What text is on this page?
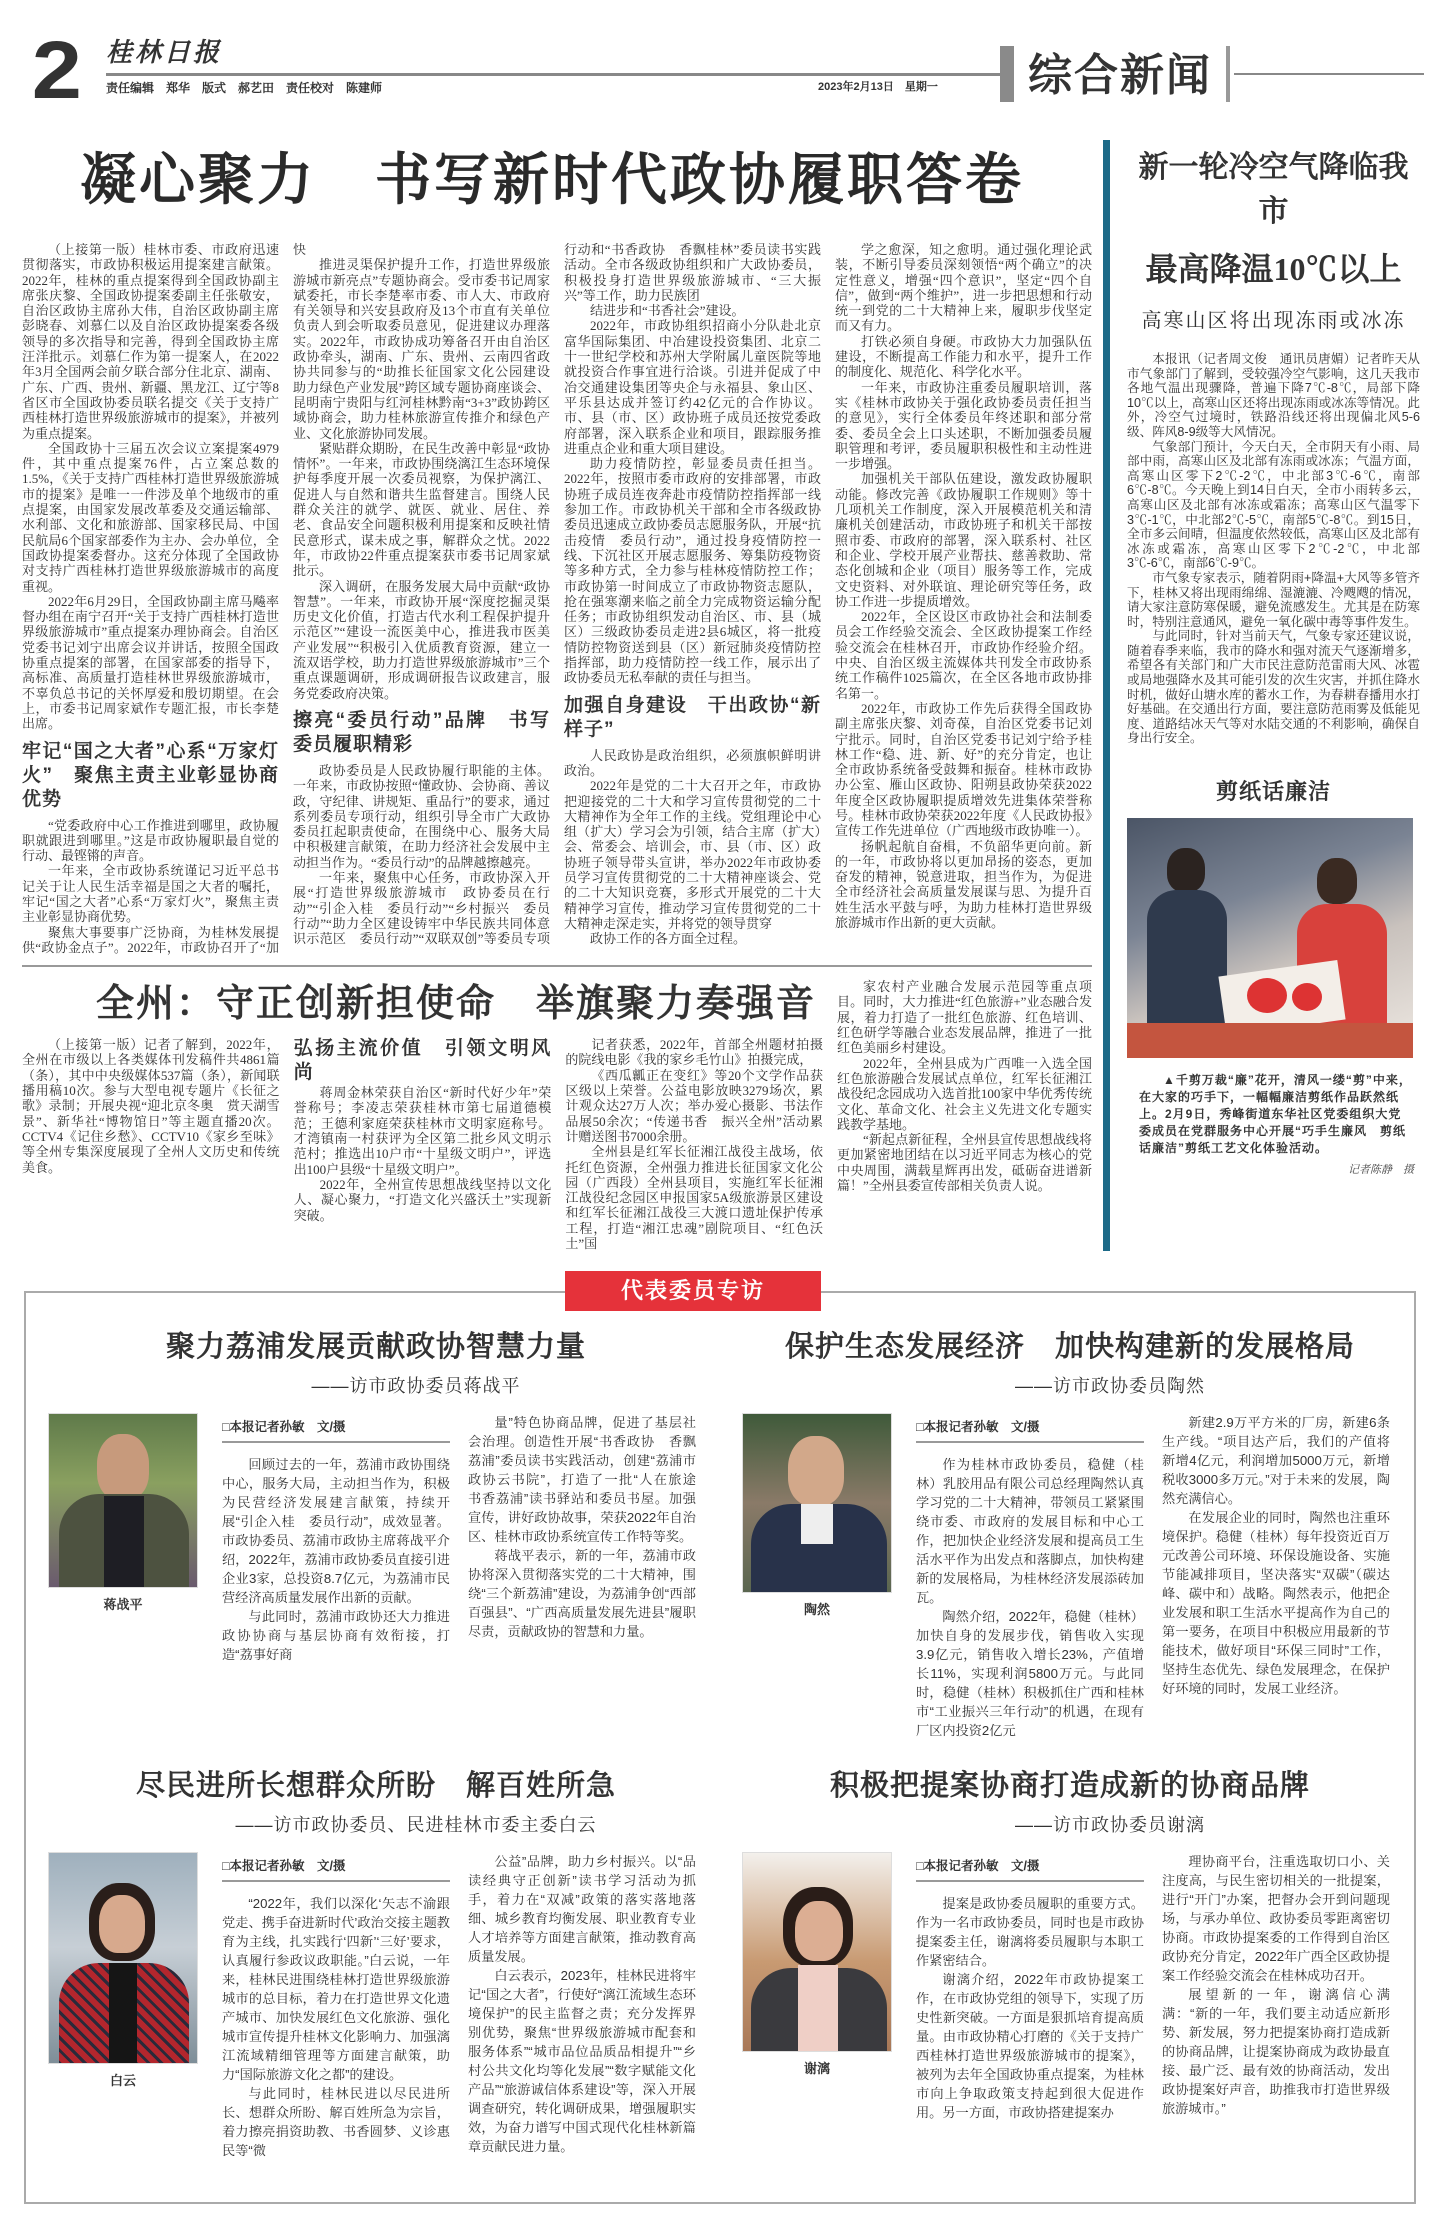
2 桂林日报
责任编辑　郑华　版式　郝艺田　责任校对　陈建师	2023年2月13日　星期一 综合新闻
凝心聚力　书写新时代政协履职答卷

（上接第一版）桂林市委、市政府迅速贯彻落实，市政协积极运用提案建言献策。2022年，桂林的重点提案得到全国政协副主席张庆黎、全国政协提案委副主任张敬安，自治区政协主席孙大伟，自治区政协副主席彭晓春、刘慕仁以及自治区政协提案委各级领导的多次指导和完善，得到全国政协主席汪洋批示。刘慕仁作为第一提案人，在2022年3月全国两会前夕联合部分住北京、湖南、广东、广西、贵州、新疆、黑龙江、辽宁等8省区市全国政协委员联名提交《关于支持广西桂林打造世界级旅游城市的提案》，并被列为重点提案。

全国政协十三届五次会议立案提案4979件，其中重点提案76件，占立案总数的1.5%，《关于支持广西桂林打造世界级旅游城市的提案》是唯一一件涉及单个地级市的重点提案，由国家发展改革委及交通运输部、水利部、文化和旅游部、国家移民局、中国民航局6个国家部委作为主办、会办单位，全国政协提案委督办。这充分体现了全国政协对支持广西桂林打造世界级旅游城市的高度重视。

2022年6月29日，全国政协副主席马飚率督办组在南宁召开“关于支持广西桂林打造世界级旅游城市”重点提案办理协商会。自治区党委书记刘宁出席会议并讲话，按照全国政协重点提案的部署，在国家部委的指导下，高标准、高质量打造桂林世界级旅游城市，不辜负总书记的关怀厚爱和殷切期望。在会上，市委书记周家斌作专题汇报，市长李楚出席。

牢记“国之大者”心系“万家灯火”　聚焦主责主业彰显协商优势

“党委政府中心工作推进到哪里，政协履职就跟进到哪里。”这是市政协履职最自觉的行动、最铿锵的声音。

一年来，全市政协系统谨记习近平总书记关于让人民生活幸福是国之大者的嘱托，牢记“国之大者”心系“万家灯火”，聚焦主责主业彰显协商优势。

聚焦大事要事广泛协商，为桂林发展提供“政协金点子”。2022年，市政协召开了“加快

推进灵渠保护提升工作，打造世界级旅游城市新亮点”专题协商会。受市委书记周家斌委托，市长李楚率市委、市人大、市政府有关领导和兴安县政府及13个市直有关单位负责人到会听取委员意见，促进建议办理落实。2022年，市政协成功筹备召开由自治区政协牵头，湖南、广东、贵州、云南四省政协共同参与的“助推长征国家文化公园建设　助力绿色产业发展”跨区域专题协商座谈会、昆明南宁贵阳与红河桂林黔南“3+3”政协跨区域协商会，助力桂林旅游宣传推介和绿色产业、文化旅游协同发展。

紧贴群众期盼，在民生改善中彰显“政协情怀”。一年来，市政协围绕漓江生态环境保护每季度开展一次委员视察，为保护漓江、促进人与自然和谐共生监督建言。围绕人民群众关注的就学、就医、就业、居住、养老、食品安全问题积极利用提案和反映社情民意形式，谋未成之事，解群众之忧。2022年，市政协22件重点提案获市委书记周家斌批示。

深入调研，在服务发展大局中贡献“政协智慧”。一年来，市政协开展“深度挖掘灵渠历史文化价值，打造古代水利工程保护提升示范区”“建设一流医美中心，推进我市医美产业发展”“积极引入优质教育资源，建立一流双语学校，助力打造世界级旅游城市”三个重点课题调研，形成调研报告议政建言，服务党委政府决策。

擦亮“委员行动”品牌　书写委员履职精彩

政协委员是人民政协履行职能的主体。一年来，市政协按照“懂政协、会协商、善议政，守纪律、讲规矩、重品行”的要求，通过系列委员专项行动，组织引导全市广大政协委员扛起职责使命，在围绕中心、服务大局中积极建言献策，在助力经济社会发展中主动担当作为。“委员行动”的品牌越擦越亮。

一年来，聚焦中心任务，市政协深入开展“打造世界级旅游城市　政协委员在行动”“引企入桂　委员行动”“乡村振兴　委员行动”“助力全区建设铸牢中华民族共同体意识示范区　委员行动”“双联双创”等委员专项行动和“书香政协　香飘桂林”委员读书实践活动。全市各级政协组织和广大政协委员，积极投身打造世界级旅游城市、“三大振兴”等工作，助力民族团

结进步和“书香社会”建设。

2022年，市政协组织招商小分队赴北京富华国际集团、中冶建设投资集团、北京二十一世纪学校和苏州大学附属儿童医院等地就投资合作事宜进行洽谈。引进并促成了中冶交通建设集团等央企与永福县、象山区、平乐县达成并签订约42亿元的合作协议。市、县（市、区）政协班子成员还按党委政府部署，深入联系企业和项目，跟踪服务推进重点企业和重大项目建设。

助力疫情防控，彰显委员责任担当。2022年，按照市委市政府的安排部署，市政协班子成员连夜奔赴市疫情防控指挥部一线参加工作。市政协机关干部和全市各级政协委员迅速成立政协委员志愿服务队，开展“抗击疫情　委员行动”，通过投身疫情防控一线、下沉社区开展志愿服务、筹集防疫物资等多种方式，全力参与桂林疫情防控工作；市政协第一时间成立了市政协物资志愿队，抢在强寒潮来临之前全力完成物资运输分配任务；市政协组织发动自治区、市、县（城区）三级政协委员走进2县6城区，将一批疫情防控物资送到县（区）新冠肺炎疫情防控指挥部，助力疫情防控一线工作，展示出了政协委员无私奉献的责任与担当。

加强自身建设　干出政协“新样子”

人民政协是政治组织，必须旗帜鲜明讲政治。

2022年是党的二十大召开之年，市政协把迎接党的二十大和学习宣传贯彻党的二十大精神作为全年工作的主线。党组理论中心组（扩大）学习会为引领，结合主席（扩大）会、常委会、培训会，市、县（市、区）政协班子领导带头宣讲，举办2022年市政协委员学习宣传贯彻党的二十大精神座谈会、党的二十大知识竞赛，多形式开展党的二十大精神学习宣传，推动学习宣传贯彻党的二十大精神走深走实，并将党的领导贯穿

政协工作的各方面全过程。

学之愈深，知之愈明。通过强化理论武装，不断引导委员深刻领悟“两个确立”的决定性意义，增强“四个意识”，坚定“四个自信”，做到“两个维护”，进一步把思想和行动统一到党的二十大精神上来，履职步伐坚定而又有力。

打铁必须自身硬。市政协大力加强队伍建设，不断提高工作能力和水平，提升工作的制度化、规范化、科学化水平。

一年来，市政协注重委员履职培训，落实《桂林市政协关于强化政协委员责任担当的意见》，实行全体委员年终述职和部分常委、委员全会上口头述职，不断加强委员履职管理和考评，委员履职积极性和主动性进一步增强。

加强机关干部队伍建设，激发政协履职动能。修改完善《政协履职工作规则》等十几项机关工作制度，深入开展模范机关和清廉机关创建活动，市政协班子和机关干部按照市委、市政府的部署，深入联系村、社区和企业、学校开展产业帮扶、慈善救助、常态化创城和企业（项目）服务等工作，完成文史资料、对外联谊、理论研究等任务，政协工作进一步提质增效。

2022年，全区设区市政协社会和法制委员会工作经验交流会、全区政协提案工作经验交流会在桂林召开，市政协作经验介绍。中央、自治区级主流媒体共刊发全市政协系统工作稿件1025篇次，在全区各地市政协排名第一。

2022年，市政协工作先后获得全国政协副主席张庆黎、刘奇葆，自治区党委书记刘宁批示。同时，自治区党委书记刘宁给予桂林工作“稳、进、新、好”的充分肯定，也让全市政协系统备受鼓舞和振奋。桂林市政协办公室、雁山区政协、阳朔县政协荣获2022年度全区政协履职提质增效先进集体荣誉称号。桂林市政协荣获2022年度《人民政协报》宣传工作先进单位（广西地级市政协唯一）。

扬帆起航自奋楫，不负韶华更向前。新的一年，市政协将以更加昂扬的姿态，更加奋发的精神，锐意进取，担当作为，为促进全市经济社会高质量发展谋与思、为提升百姓生活水平鼓与呼，为助力桂林打造世界级旅游城市作出新的更大贡献。

全州：守正创新担使命　举旗聚力奏强音

（上接第一版）记者了解到，2022年，全州在市级以上各类媒体刊发稿件共4861篇（条），其中中央级媒体537篇（条），新闻联播用稿10次。参与大型电视专题片《长征之歌》录制；开展央视“迎北京冬奥　赏天湖雪景”、新华社“博物馆日”等主题直播20次。CCTV4《记住乡愁》、CCTV10《家乡至味》等全州专集深度展现了全州人文历史和传统美食。

弘扬主流价值　引领文明风尚

蒋周金林荣获自治区“新时代好少年”荣誉称号；李凌志荣获桂林市第七届道德模范；王德利家庭荣获桂林市文明家庭称号。才湾镇南一村获评为全区第二批乡风文明示范村；推选出10户市“十星级文明户”，评选出100户县级“十星级文明户”。

2022年，全州宣传思想战线坚持以文化人、凝心聚力，“打造文化兴盛沃土”实现新突破。

记者获悉，2022年，首部全州题材拍摄的院线电影《我的家乡毛竹山》拍摄完成，

《西瓜瓤正在变红》等20个文学作品获区级以上荣誉。公益电影放映3279场次，累计观众达27万人次；举办爱心摄影、书法作品展50余次；“传递书香　振兴全州”活动累计赠送图书7000余册。

全州县是红军长征湘江战役主战场，依托红色资源，全州强力推进长征国家文化公园（广西段）全州县项目，实施红军长征湘江战役纪念园区申报国家5A级旅游景区建设和红军长征湘江战役三大渡口遗址保护传承工程，打造“湘江忠魂”剧院项目、“红色沃土”国

家农村产业融合发展示范园等重点项目。同时，大力推进“红色旅游+”业态融合发展，着力打造了一批红色旅游、红色培训、红色研学等融合业态发展品牌，推进了一批红色美丽乡村建设。

2022年，全州县成为广西唯一入选全国红色旅游融合发展试点单位，红军长征湘江战役纪念园成功入选首批100家中华优秀传统文化、革命文化、社会主义先进文化专题实践教学基地。

“新起点新征程，全州县宣传思想战线将更加紧密地团结在以习近平同志为核心的党中央周围，满载星辉再出发，砥砺奋进谱新篇！”全州县委宣传部相关负责人说。

新一轮冷空气降临我市
最高降温10℃以上
高寒山区将出现冻雨或冰冻

本报讯（记者周文俊　通讯员唐媚）记者昨天从市气象部门了解到，受较强冷空气影响，这几天我市各地气温出现骤降，普遍下降7℃-8℃，局部下降10℃以上，高寒山区还将出现冻雨或冰冻等情况。此外，冷空气过境时，铁路沿线还将出现偏北风5-6级、阵风8-9级等大风情况。

气象部门预计，今天白天，全市阴天有小雨、局部中雨，高寒山区及北部有冻雨或冰冻；气温方面，高寒山区零下2℃-2℃，中北部3℃-6℃，南部6℃-8℃。今天晚上到14日白天，全市小雨转多云，高寒山区及北部有冰冻或霜冻；高寒山区气温零下3℃-1℃，中北部2℃-5℃，南部5℃-8℃。到15日，全市多云间晴，但温度依然较低，高寒山区及北部有冰冻或霜冻，高寒山区零下2℃-2℃，中北部3℃-6℃，南部6℃-9℃。

市气象专家表示，随着阴雨+降温+大风等多管齐下，桂林又将出现雨绵绵、湿漉漉、冷飕飕的情况，请大家注意防寒保暖，避免流感发生。尤其是在防寒时，特别注意通风，避免一氧化碳中毒等事件发生。

与此同时，针对当前天气，气象专家还建议说，随着春季来临，我市的降水和强对流天气逐渐增多，希望各有关部门和广大市民注意防范雷雨大风、冰雹或局地强降水及其可能引发的次生灾害，并抓住降水时机，做好山塘水库的蓄水工作，为春耕春播用水打好基础。在交通出行方面，要注意防范雨雾及低能见度、道路结冰天气等对水陆交通的不利影响，确保自身出行安全。

剪纸话廉洁
▲千剪万裁“廉”花开，清风一缕“剪”中来，在大家的巧手下，一幅幅廉洁剪纸作品跃然纸上。2月9日，秀峰街道东华社区党委组织大党委成员在党群服务中心开展“巧手生廉风　剪纸话廉洁”剪纸工艺文化体验活动。
记者陈静　摄
代表委员专访
聚力荔浦发展贡献政协智慧力量
——访市政协委员蒋战平
蒋战平
□本报记者孙敏　文/摄

回顾过去的一年，荔浦市政协围绕中心，服务大局，主动担当作为，积极为民营经济发展建言献策，持续开展“引企入桂　委员行动”，成效显著。市政协委员、荔浦市政协主席蒋战平介绍，2022年，荔浦市政协委员直接引进企业3家，总投资8.7亿元，为荔浦市民营经济高质量发展作出新的贡献。

与此同时，荔浦市政协还大力推进政协协商与基层协商有效衔接，打造“荔事好商

量”特色协商品牌，促进了基层社会治理。创造性开展“书香政协　香飘荔浦”委员读书实践活动，创建“荔浦市政协云书院”，打造了一批“人在旅途　书香荔浦”读书驿站和委员书屋。加强宣传，讲好政协故事，荣获2022年自治区、桂林市政协系统宣传工作特等奖。

蒋战平表示，新的一年，荔浦市政协将深入贯彻落实党的二十大精神，围绕“三个新荔浦”建设，为荔浦争创“西部百强县”、“广西高质量发展先进县”履职尽责，贡献政协的智慧和力量。

保护生态发展经济　加快构建新的发展格局
——访市政协委员陶然
陶然
□本报记者孙敏　文/摄

作为桂林市政协委员，稳健（桂林）乳胶用品有限公司总经理陶然认真学习党的二十大精神，带领员工紧紧围绕市委、市政府的发展目标和中心工作，把加快企业经济发展和提高员工生活水平作为出发点和落脚点，加快构建新的发展格局，为桂林经济发展添砖加瓦。

陶然介绍，2022年，稳健（桂林）加快自身的发展步伐，销售收入实现3.9亿元，销售收入增长23%，产值增长11%，实现利润5800万元。与此同时，稳健（桂林）积极抓住广西和桂林市“工业振兴三年行动”的机遇，在现有厂区内投资2亿元

新建2.9万平方米的厂房，新建6条生产线。“项目达产后，我们的产值将新增4亿元，利润增加5000万元，新增税收3000多万元。”对于未来的发展，陶然充满信心。

在发展企业的同时，陶然也注重环境保护。稳健（桂林）每年投资近百万元改善公司环境、环保设施设备、实施节能减排项目，坚决落实“双碳”（碳达峰、碳中和）战略。陶然表示，他把企业发展和职工生活水平提高作为自己的第一要务，在项目中积极应用最新的节能技术，做好项目“环保三同时”工作，坚持生态优先、绿色发展理念，在保护好环境的同时，发展工业经济。

尽民进所长想群众所盼　解百姓所急
——访市政协委员、民进桂林市委主委白云
白云
□本报记者孙敏　文/摄

“2022年，我们以深化‘矢志不渝跟党走、携手奋进新时代’政治交接主题教育为主线，扎实践行‘四新’‘三好’要求，认真履行参政议政职能。”白云说，一年来，桂林民进围绕桂林打造世界级旅游城市的总目标，着力在打造世界文化遗产城市、加快发展红色文化旅游、强化城市宣传提升桂林文化影响力、加强漓江流域精细管理等方面建言献策，助力“国际旅游文化之都”的建设。

与此同时，桂林民进以尽民进所长、想群众所盼、解百姓所急为宗旨，着力擦亮捐资助教、书香圆梦、义诊惠民等“微

公益”品牌，助力乡村振兴。以“品读经典守正创新”读书学习活动为抓手，着力在“双减”政策的落实落地落细、城乡教育均衡发展、职业教育专业人才培养等方面建言献策，推动教育高质量发展。

白云表示，2023年，桂林民进将牢记“国之大者”，行使好“漓江流域生态环境保护”的民主监督之责；充分发挥界别优势，聚焦“世界级旅游城市配套和服务体系”“城市品位品质品相提升”“乡村公共文化均等化发展”“数字赋能文化产品”“旅游诚信体系建设”等，深入开展调查研究，转化调研成果，增强履职实效，为奋力谱写中国式现代化桂林新篇章贡献民进力量。

积极把提案协商打造成新的协商品牌
——访市政协委员谢漓
谢漓
□本报记者孙敏　文/摄

提案是政协委员履职的重要方式。作为一名市政协委员，同时也是市政协提案委主任，谢漓将委员履职与本职工作紧密结合。

谢漓介绍，2022年市政协提案工作，在市政协党组的领导下，实现了历史性新突破。一方面是狠抓培育提高质量。由市政协精心打磨的《关于支持广西桂林打造世界级旅游城市的提案》，被列为去年全国政协重点提案，为桂林市向上争取政策支持起到很大促进作用。另一方面，市政协搭建提案办

理协商平台，注重选取切口小、关注度高，与民生密切相关的一批提案，进行“开门”办案，把督办会开到问题现场，与承办单位、政协委员零距离密切协商。市政协提案委的工作得到自治区政协充分肯定，2022年广西全区政协提案工作经验交流会在桂林成功召开。

展望新的一年，谢漓信心满满：“新的一年，我们要主动适应新形势、新发展，努力把提案协商打造成新的协商品牌，让提案协商成为政协最直接、最广泛、最有效的协商活动，发出政协提案好声音，助推我市打造世界级旅游城市。”
